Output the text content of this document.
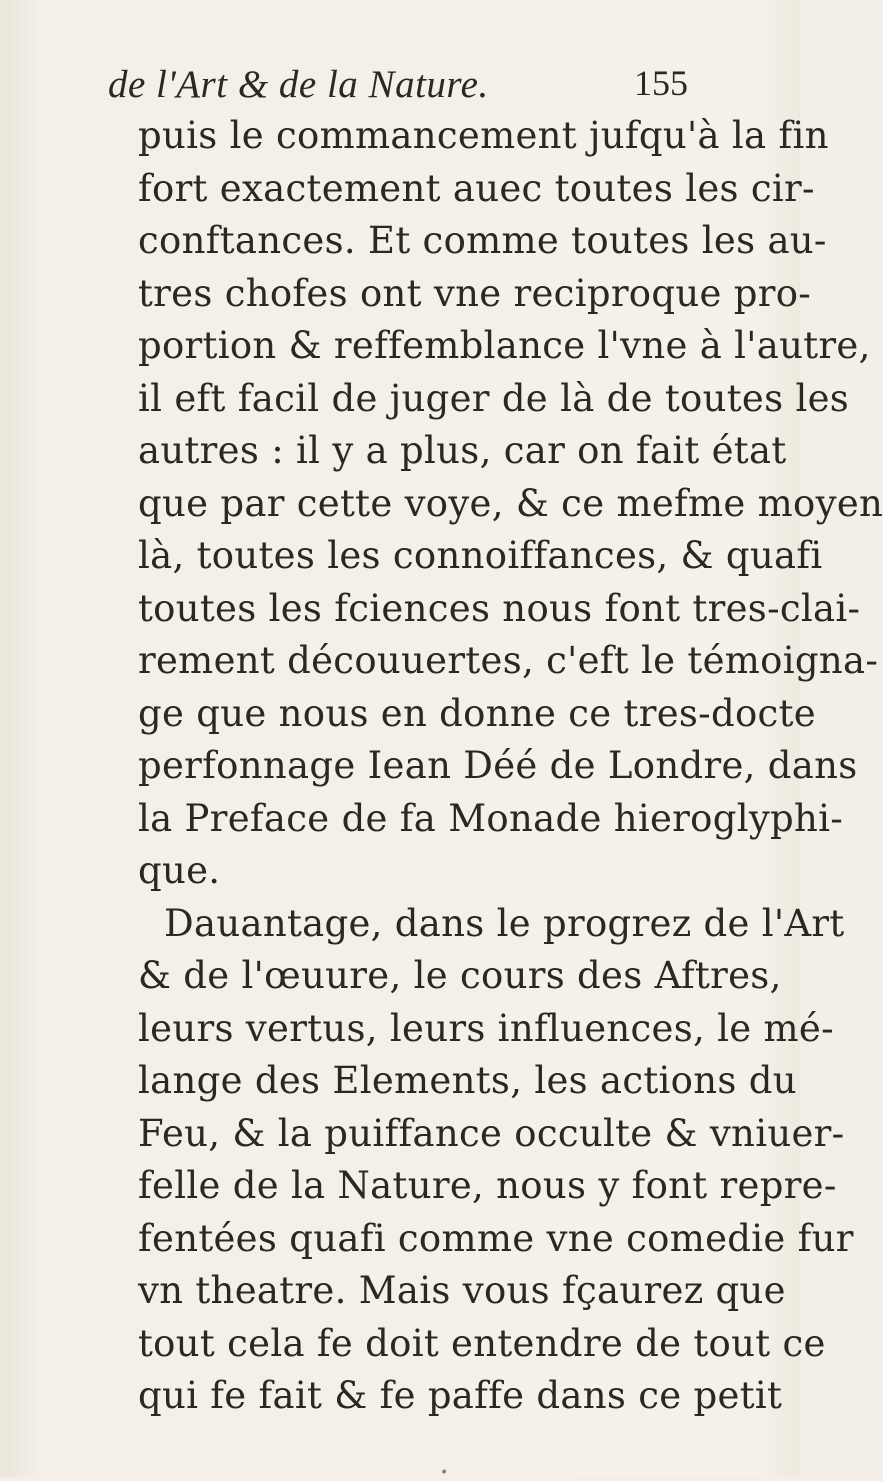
de l'Art & de la Nature.	155
puis le commancement jufqu'à la fin
fort exactement auec toutes les cir-
conftances. Et comme toutes les au-
tres chofes ont vne reciproque pro-
portion & reffemblance l'vne à l'autre,
il eft facil de juger de là de toutes les
autres : il y a plus, car on fait état
que par cette voye, & ce mefme moyen
là, toutes les connoiffances, & quafi
toutes les fciences nous font tres-clai-
rement découuertes, c'eft le témoigna-
ge que nous en donne ce tres-docte
perfonnage Iean Déé de Londre, dans
la Preface de fa Monade hieroglyphi-
que.
Dauantage, dans le progrez de l'Art
& de l'œuure, le cours des Aftres,
leurs vertus, leurs influences, le mé-
lange des Elements, les actions du
Feu, & la puiffance occulte & vniuer-
felle de la Nature, nous y font repre-
fentées quafi comme vne comedie fur
vn theatre. Mais vous fçaurez que
tout cela fe doit entendre de tout ce
qui fe fait & fe paffe dans ce petit
•
